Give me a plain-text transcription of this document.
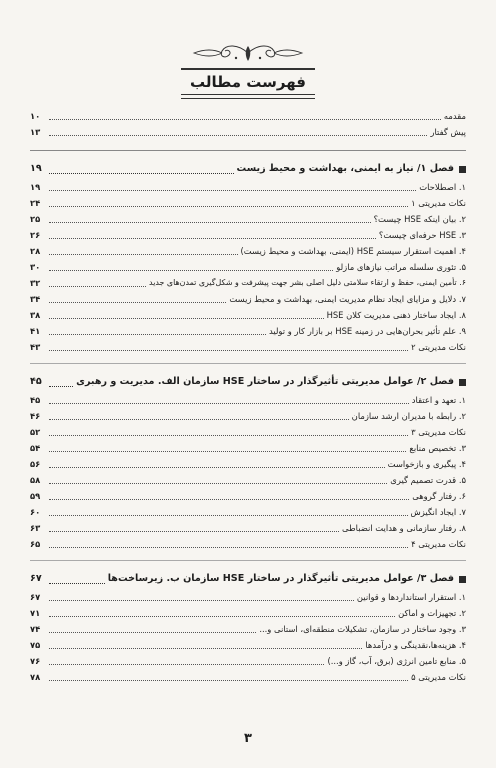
فهرست مطالب
مقدمه
۱۰
پیش گفتار
۱۳
فصل ۱/ نیاز به ایمنی، بهداشت و محیط زیست
۱۹
۱. اصطلاحات
۱۹
نکات مدیریتی ۱
۲۴
۲. بیان اینکه HSE چیست؟
۲۵
۳. HSE حرفه‌ای چیست؟
۲۶
۴. اهمیت استقرار سیستم HSE (ایمنی، بهداشت و محیط زیست)
۲۸
۵. تئوری سلسله مراتب نیازهای مازلو
۳۰
۶. تأمین ایمنی، حفظ و ارتقاء سلامتی دلیل اصلی بشر جهت پیشرفت و شکل‌گیری تمدن‌های جدید
۳۲
۷. دلایل و مزایای ایجاد نظام مدیریت ایمنی، بهداشت و محیط زیست
۳۴
۸. ایجاد ساختار ذهنی مدیریت کلان HSE
۳۸
۹. علم تأثیر بحران‌هایی در زمینه HSE بر بازار کار و تولید
۴۱
نکات مدیریتی ۲
۴۳
فصل ۲/ عوامل مدیریتی تأثیرگذار در ساختار HSE سازمان الف. مدیریت و رهبری
۴۵
۱. تعهد و اعتقاد
۴۵
۲. رابطه با مدیران ارشد سازمان
۴۶
نکات مدیریتی ۳
۵۲
۳. تخصیص منابع
۵۴
۴. پیگیری و بازخواست
۵۶
۵. قدرت تصمیم گیری
۵۸
۶. رفتار گروهی
۵۹
۷. ایجاد انگیزش
۶۰
۸. رفتار سازمانی و هدایت انضباطی
۶۳
نکات مدیریتی ۴
۶۵
فصل ۳/ عوامل مدیریتی تأثیرگذار در ساختار HSE سازمان ب. زیرساخت‌ها
۶۷
۱. استقرار استانداردها و قوانین
۶۷
۲. تجهیزات و اماکن
۷۱
۳. وجود ساختار در سازمان، تشکیلات منطقه‌ای، استانی و...
۷۴
۴. هزینه‌ها،نقدینگی و درآمدها
۷۵
۵. منابع تامین انرژی (برق، آب، گاز و...)
۷۶
نکات مدیریتی ۵
۷۸
۳
